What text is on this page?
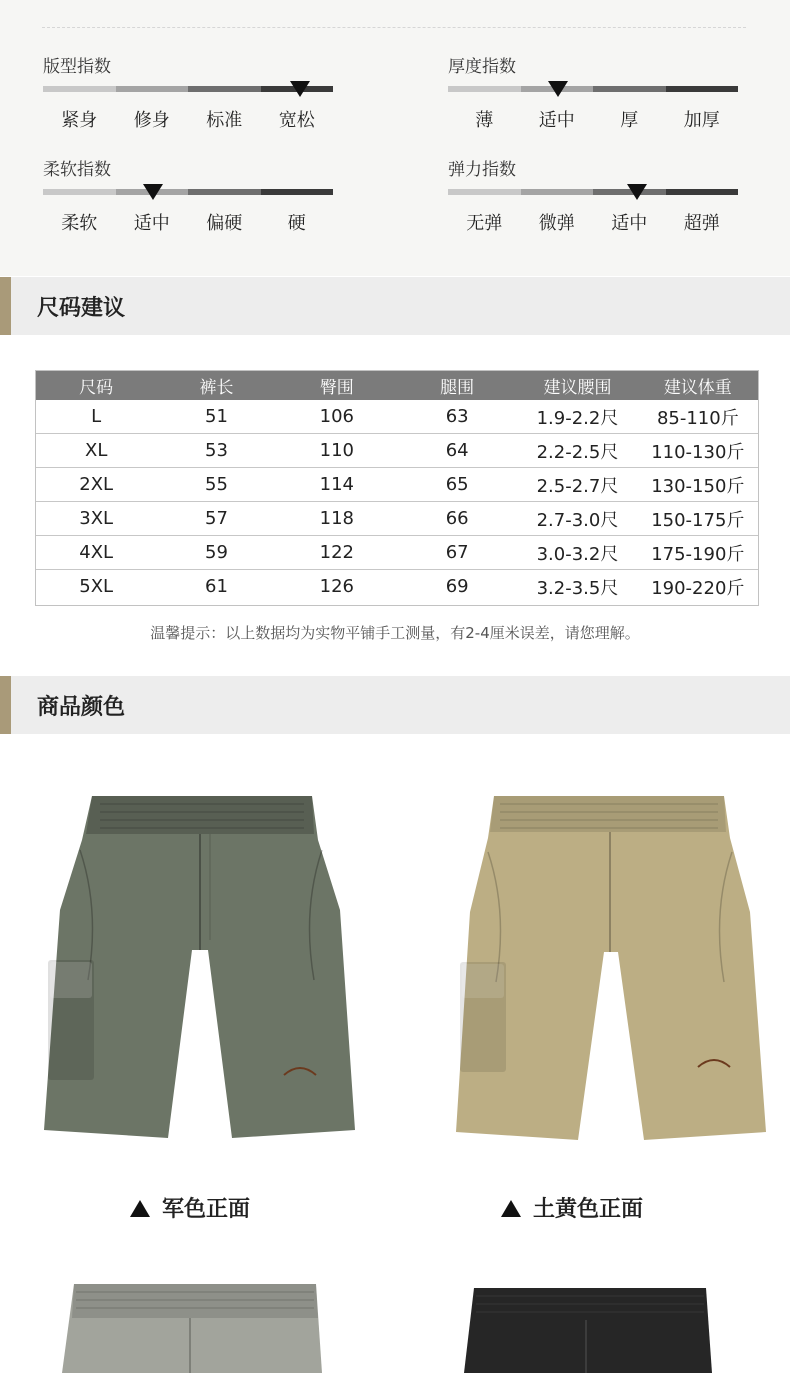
版型指数
紧身	修身	标准	宽松
厚度指数
薄	适中	厚	加厚
柔软指数
柔软	适中	偏硬	硬
弹力指数
无弹	微弹	适中	超弹
尺码建议
尺码	裤长	臀围	腿围	建议腰围	建议体重
L	51	106	63	1.9-2.2尺	85-110斤
XL	53	110	64	2.2-2.5尺	110-130斤
2XL	55	114	65	2.5-2.7尺	130-150斤
3XL	57	118	66	2.7-3.0尺	150-175斤
4XL	59	122	67	3.0-3.2尺	175-190斤
5XL	61	126	69	3.2-3.5尺	190-220斤
温馨提示：以上数据均为实物平铺手工测量，有2-4厘米误差，请您理解。
商品颜色
军色正面	土黄色正面
